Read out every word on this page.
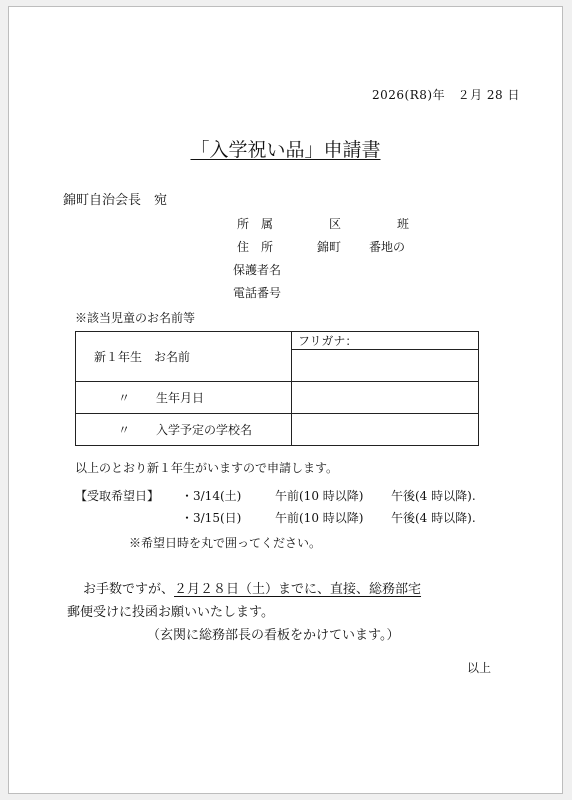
2026(R8)年　２月 28 日
「入学祝い品」申請書
錦町自治会長　宛
所　属	区	班
住　所	錦町 番地の
保護者名
電話番号
※該当児童のお名前等
新１年生　お名前	フリガナ：

〃 生年月日	
〃 入学予定の学校名	
以上のとおり新１年生がいますので申請します。
【受取希望日】 ・3/14(土)	午前(10 時以降) 午後(4 時以降).
・3/15(日)	午前(10 時以降) 午後(4 時以降).
※希望日時を丸で囲ってください。
お手数ですが、２月２８日（土）までに、直接、総務部宅
郵便受けに投函お願いいたします。
（玄関に総務部長の看板をかけています。）
以上
